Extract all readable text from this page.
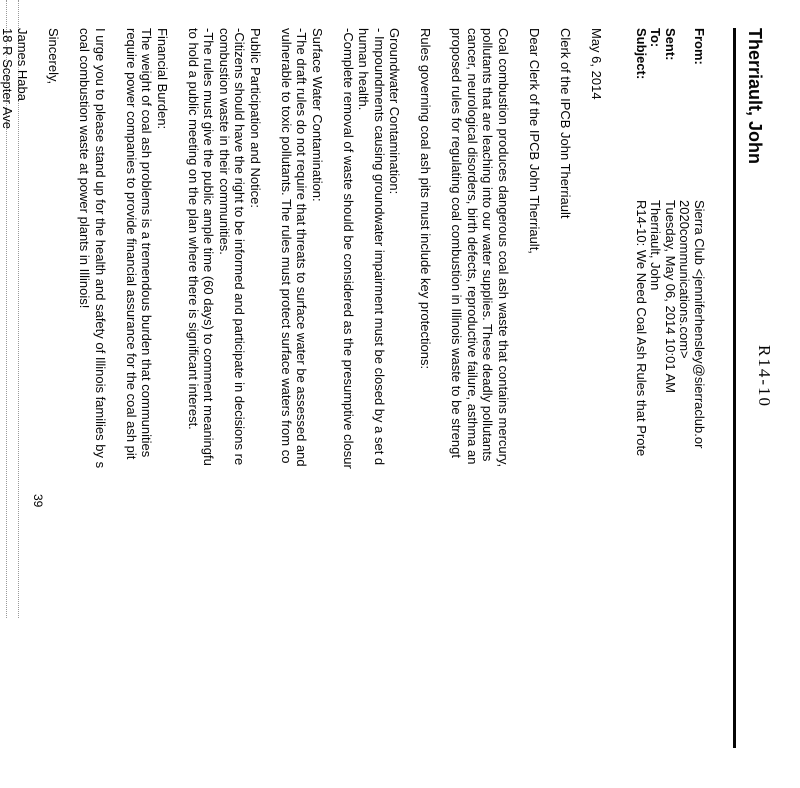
R14-10
Therriault, John
From:
Sent:
To:
Subject:
Sierra Club <jenniferhensley@sierraclub.or
2020communications.com>
Tuesday, May 06, 2014 10:01 AM
Therriault, John
R14-10: We Need Coal Ash Rules that Prote
May 6, 2014
Clerk of the IPCB John Therriault
Dear Clerk of the IPCB John Therriault,
Coal combustion produces dangerous coal ash waste that contains mercury,
pollutants that are leaching into our water supplies. These deadly pollutants
cancer, neurological disorders, birth defects, reproductive failure, asthma an
proposed rules for regulating coal combustion in Illinois waste to be strengt
Rules governing coal ash pits must include key protections:
Groundwater Contamination:
- Impoundments causing groundwater impairment must be closed by a set d
human health.
-Complete removal of waste should be considered as the presumptive closur
Surface Water Contamination:
-The draft rules do not require that threats to surface water be assessed and
vulnerable to toxic pollutants. The rules must protect surface waters from co
Public Participation and Notice:
-Citizens should have the right to be informed and participate in decisions re
combustion waste in their communities.
-The rules must give the public ample time (60 days) to comment meaningfu
to hold a public meeting on the plan where there is significant interest.
Financial Burden:
The weight of coal ash problems is a tremendous burden that communities
require power companies to provide financial assurance for the coal ash pit
I urge you to please stand up for the health and safety of Illinois families by s
coal combustion waste at power plants in Illinois!
Sincerely,
James Haba
18 R Scepter Ave
39
